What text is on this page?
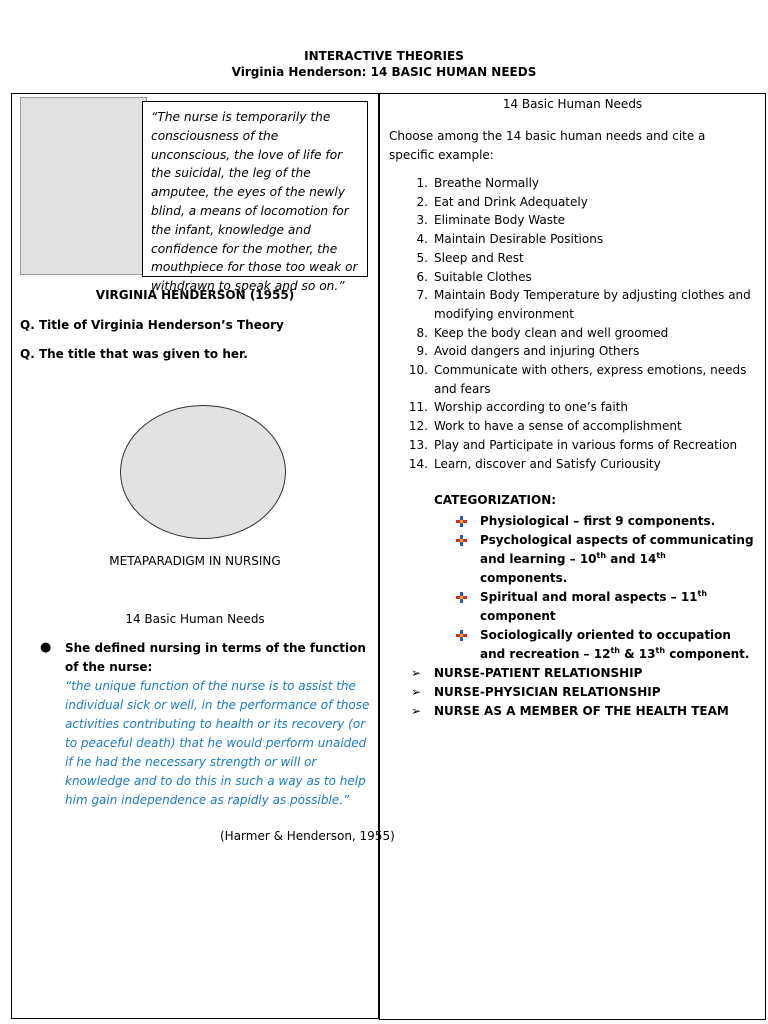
INTERACTIVE THEORIES
Virginia Henderson: 14 BASIC HUMAN NEEDS
“The nurse is temporarily the consciousness of the unconscious, the love of life for the suicidal, the leg of the amputee, the eyes of the newly blind, a means of locomotion for the infant, knowledge and confidence for the mother, the mouthpiece for those too weak or withdrawn to speak and so on.”
VIRGINIA HENDERSON (1955)
Q. Title of Virginia Henderson’s Theory
Q. The title that was given to her.
METAPARADIGM IN NURSING
14 Basic Human Needs
● She defined nursing in terms of the function of the nurse:
“the unique function of the nurse is to assist the individual sick or well, in the performance of those activities contributing to health or its recovery (or to peaceful death) that he would perform unaided if he had the necessary strength or will or knowledge and to do this in such a way as to help him gain independence as rapidly as possible.”
(Harmer & Henderson, 1955)
14 Basic Human Needs
Choose among the 14 basic human needs and cite a specific example:
1. Breathe Normally
2. Eat and Drink Adequately
3. Eliminate Body Waste
4. Maintain Desirable Positions
5. Sleep and Rest
6. Suitable Clothes
7. Maintain Body Temperature by adjusting clothes and modifying environment
8. Keep the body clean and well groomed
9. Avoid dangers and injuring Others
10. Communicate with others, express emotions, needs and fears
11. Worship according to one’s faith
12. Work to have a sense of accomplishment
13. Play and Participate in various forms of Recreation
14. Learn, discover and Satisfy Curiousity
CATEGORIZATION:
Physiological – first 9 components.
Psychological aspects of communicating and learning – 10th and 14th components.
Spiritual and moral aspects – 11th component
Sociologically oriented to occupation and recreation – 12th & 13th component.
➢ NURSE-PATIENT RELATIONSHIP
➢ NURSE-PHYSICIAN RELATIONSHIP
➢ NURSE AS A MEMBER OF THE HEALTH TEAM
